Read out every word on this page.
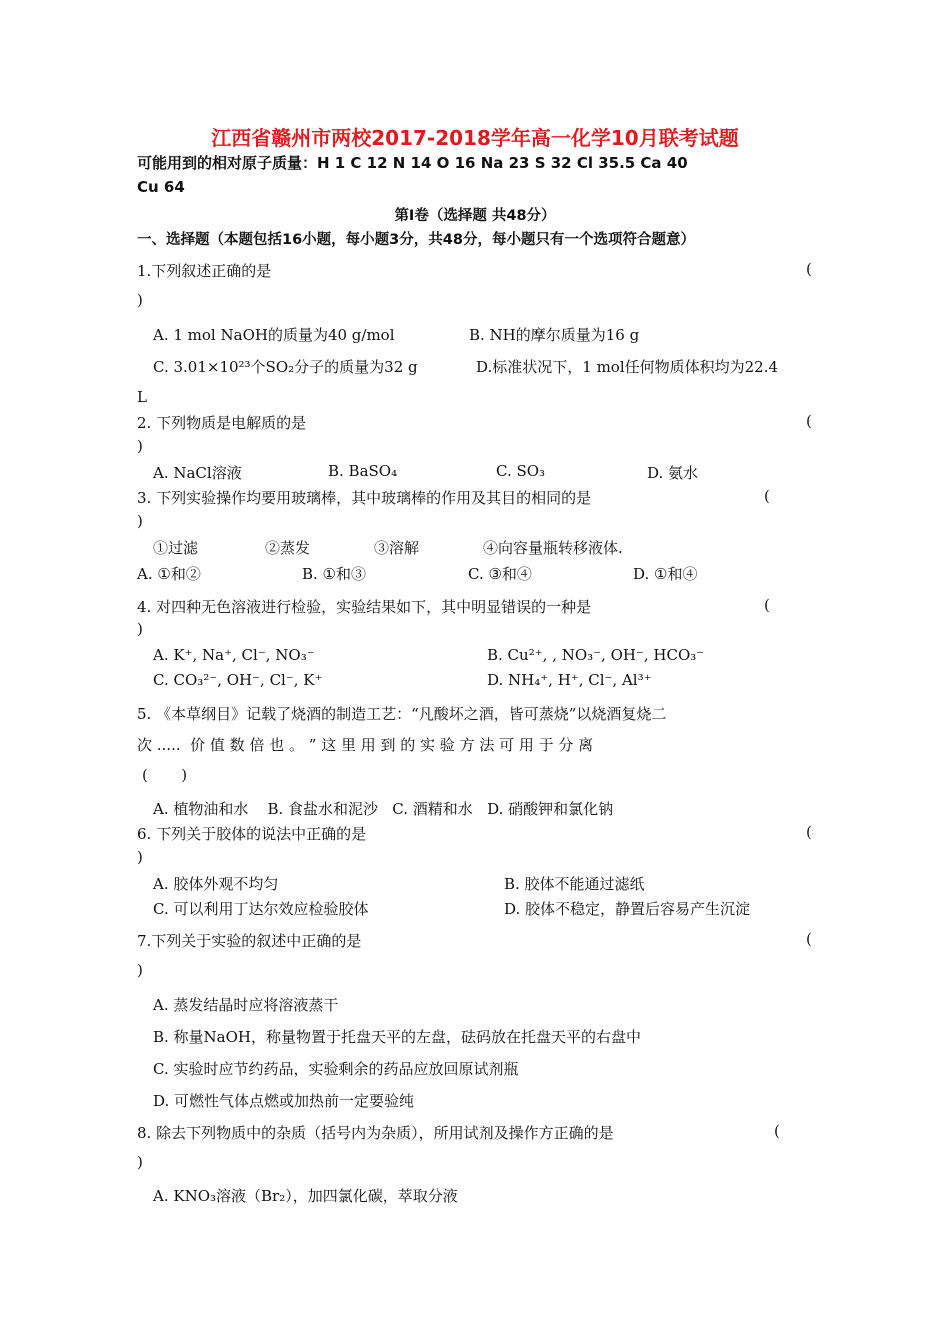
江西省赣州市两校2017-2018学年高一化学10月联考试题
可能用到的相对原子质量：H 1 C 12 N 14 O 16 Na 23 S 32 Cl 35.5 Ca 40
Cu 64
第Ⅰ卷（选择题 共48分）
一、选择题（本题包括16小题，每小题3分，共48分，每小题只有一个选项符合题意）
1.下列叙述正确的是	(
)
A. 1 mol NaOH的质量为40 g/mol	B. NH的摩尔质量为16 g
C. 3.01×10²³个SO₂分子的质量为32 g	D.标准状况下，1 mol任何物质体积均为22.4
L
2. 下列物质是电解质的是	(
)
A. NaCl溶液	B. BaSO₄	C. SO₃	D. 氨水
3. 下列实验操作均要用玻璃棒，其中玻璃棒的作用及其目的相同的是	(
)
①过滤	②蒸发	③溶解	④向容量瓶转移液体.
A. ①和②	B. ①和③	C. ③和④	D. ①和④
4. 对四种无色溶液进行检验，实验结果如下，其中明显错误的一种是	(
)
A. K⁺, Na⁺, Cl⁻, NO₃⁻	B. Cu²⁺, , NO₃⁻, OH⁻, HCO₃⁻
C. CO₃²⁻, OH⁻, Cl⁻, K⁺	D. NH₄⁺, H⁺, Cl⁻, Al³⁺
5. 《本草纲目》记载了烧酒的制造工艺：“凡酸坏之酒，皆可蒸烧”以烧酒复烧二
次 .....  价 值 数 倍 也 。 ” 这 里 用 到 的 实 验 方 法 可 用 于 分 离
(       )
A. 植物油和水    B. 食盐水和泥沙   C. 酒精和水   D. 硝酸钾和氯化钠
6. 下列关于胶体的说法中正确的是	(
)
A. 胶体外观不均匀	B. 胶体不能通过滤纸
C. 可以利用丁达尔效应检验胶体	D. 胶体不稳定，静置后容易产生沉淀
7.下列关于实验的叙述中正确的是	(
)
A. 蒸发结晶时应将溶液蒸干
B. 称量NaOH，称量物置于托盘天平的左盘，砝码放在托盘天平的右盘中
C. 实验时应节约药品，实验剩余的药品应放回原试剂瓶
D. 可燃性气体点燃或加热前一定要验纯
8. 除去下列物质中的杂质（括号内为杂质），所用试剂及操作方正确的是	(
)
A. KNO₃溶液（Br₂），加四氯化碳，萃取分液
